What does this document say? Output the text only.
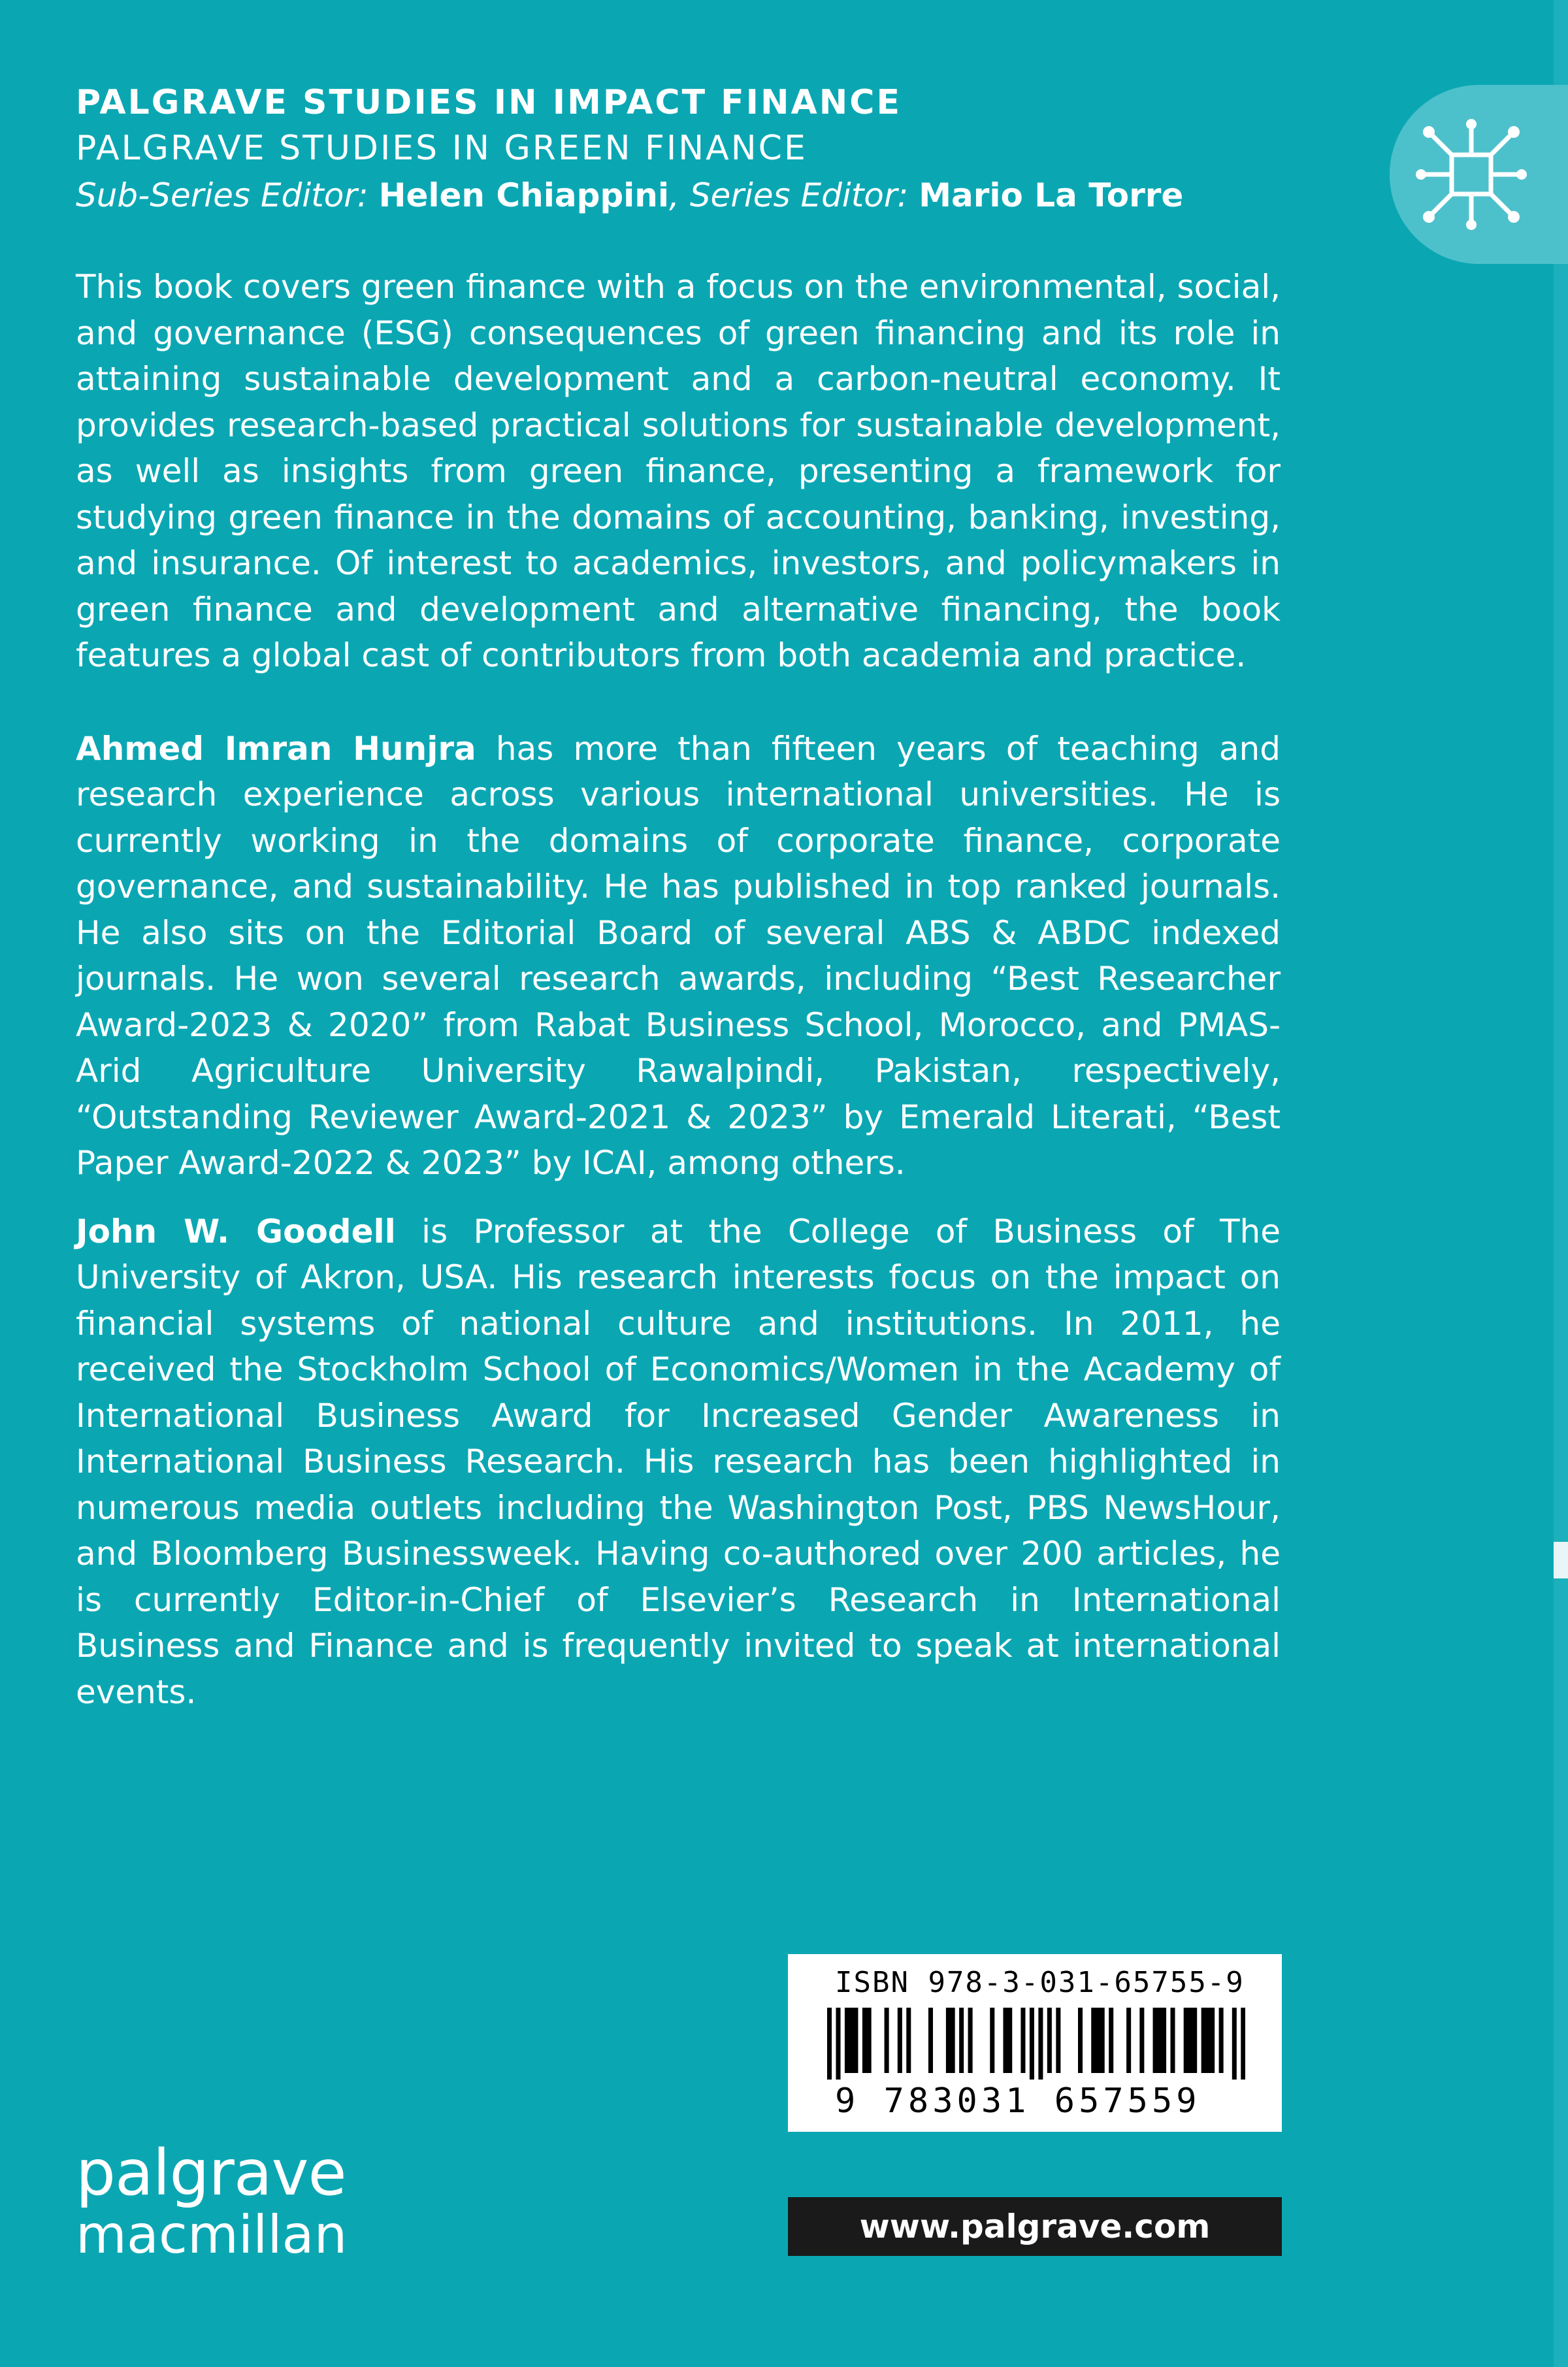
PALGRAVE STUDIES IN IMPACT FINANCE
PALGRAVE STUDIES IN GREEN FINANCE
Sub-Series Editor: Helen Chiappini, Series Editor: Mario La Torre

This book covers green finance with a focus on the environmental, social, and governance (ESG) consequences of green financing and its role in attaining sustainable development and a carbon-neutral economy. It provides research-based practical solutions for sustainable development, as well as insights from green finance, presenting a framework for studying green finance in the domains of accounting, banking, investing, and insurance. Of interest to academics, investors, and policymakers in green finance and development and alternative financing, the book features a global cast of contributors from both academia and practice.

Ahmed Imran Hunjra has more than fifteen years of teaching and research experience across various international universities. He is currently working in the domains of corporate finance, corporate governance, and sustainability. He has published in top ranked journals. He also sits on the Editorial Board of several ABS & ABDC indexed journals. He won several research awards, including “Best Researcher Award-2023 & 2020” from Rabat Business School, Morocco, and PMAS-Arid Agriculture University Rawalpindi, Pakistan, respectively, “Outstanding Reviewer Award-2021 & 2023” by Emerald Literati, “Best Paper Award-2022 & 2023” by ICAI, among others.

John W. Goodell is Professor at the College of Business of The University of Akron, USA. His research interests focus on the impact on financial systems of national culture and institutions. In 2011, he received the Stockholm School of Economics/Women in the Academy of International Business Award for Increased Gender Awareness in International Business Research. His research has been highlighted in numerous media outlets including the Washington Post, PBS NewsHour, and Bloomberg Businessweek. Having co-authored over 200 articles, he is currently Editor-in-Chief of Elsevier’s Research in International Business and Finance and is frequently invited to speak at international events.

ISBN 978-3-031-65755-9
9 783031 657559
www.palgrave.com
palgrave
macmillan
